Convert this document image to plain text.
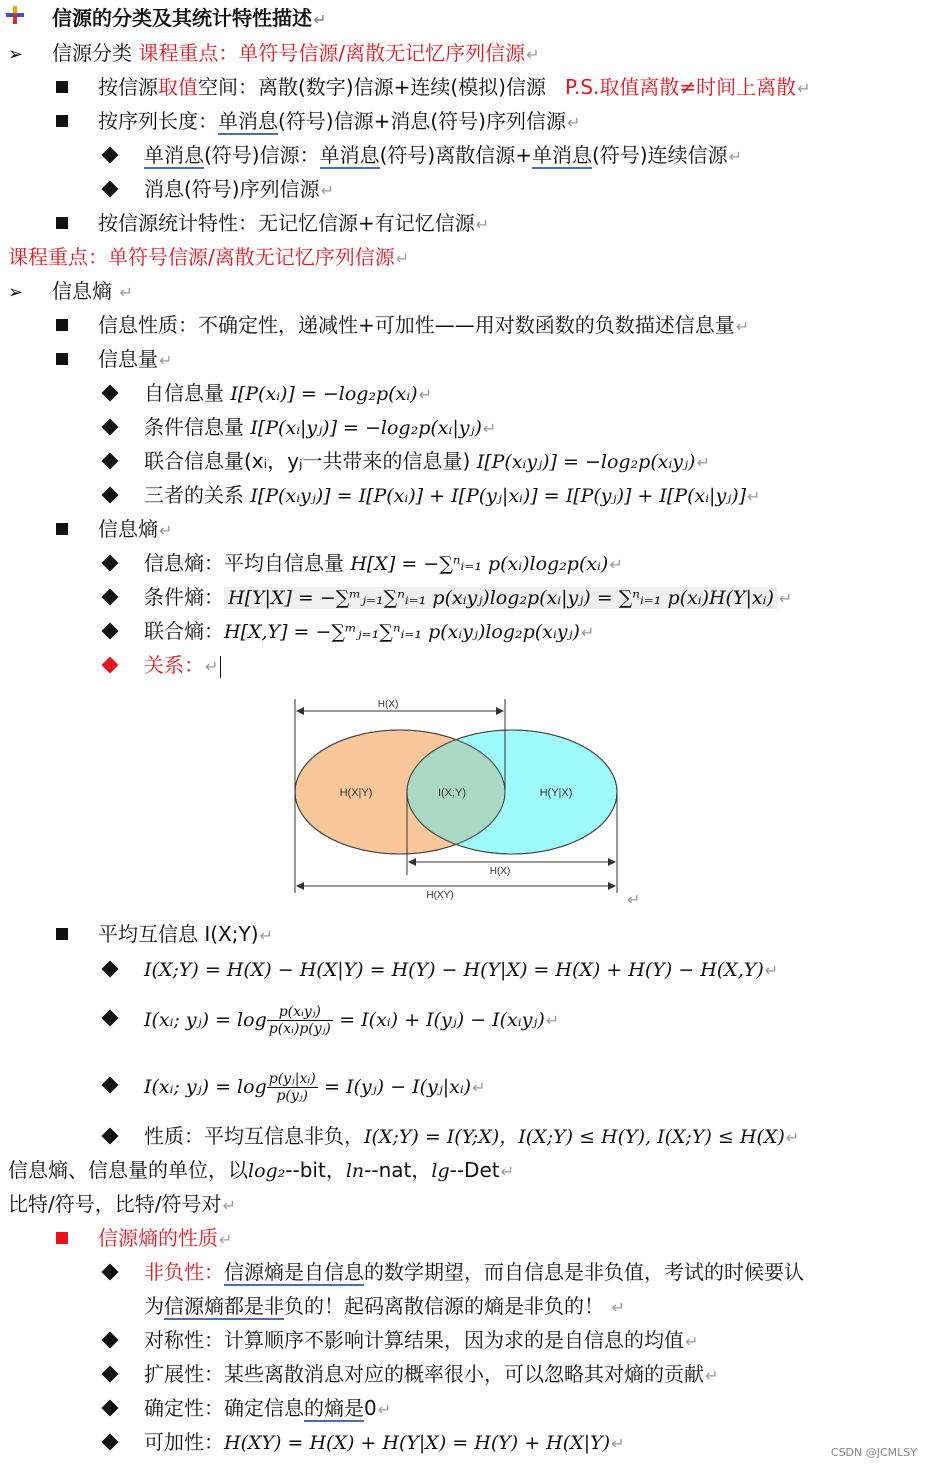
信源的分类及其统计特性描述↵
➢ 信源分类 课程重点：单符号信源/离散无记忆序列信源↵
按信源取值空间：离散(数字)信源+连续(模拟)信源 P.S.取值离散≠时间上离散↵
按序列长度：单消息(符号)信源+消息(符号)序列信源↵
单消息(符号)信源：单消息(符号)离散信源+单消息(符号)连续信源↵
消息(符号)序列信源↵
按信源统计特性：无记忆信源+有记忆信源↵
课程重点：单符号信源/离散无记忆序列信源↵
➢ 信息熵 ↵
信息性质：不确定性，递减性+可加性——用对数函数的负数描述信息量↵
信息量↵
自信息量 I[P(xᵢ)] = −log₂p(xᵢ)↵
条件信息量 I[P(xᵢ|yⱼ)] = −log₂p(xᵢ|yⱼ)↵
联合信息量(xᵢ，yⱼ一共带来的信息量) I[P(xᵢyⱼ)] = −log₂p(xᵢyⱼ)↵
三者的关系 I[P(xᵢyⱼ)] = I[P(xᵢ)] + I[P(yⱼ|xᵢ)] = I[P(yⱼ)] + I[P(xᵢ|yⱼ)]↵
信息熵↵
信息熵：平均自信息量 H[X] = −∑ⁿᵢ₌₁ p(xᵢ)log₂p(xᵢ)↵
条件熵： H[Y|X] = −∑ᵐⱼ₌₁∑ⁿᵢ₌₁ p(xᵢyⱼ)log₂p(xᵢ|yⱼ) = ∑ⁿᵢ₌₁ p(xᵢ)H(Y|xᵢ) ↵
联合熵：H[X,Y] = −∑ᵐⱼ₌₁∑ⁿᵢ₌₁ p(xᵢyⱼ)log₂p(xᵢyⱼ)↵
关系：↵
H(X)
H(X|Y)	I(X;Y)	H(Y|X)
H(X)
H(XY)	↵
平均互信息 I(X;Y)↵
I(X;Y) = H(X) − H(X|Y) = H(Y) − H(Y|X) = H(X) + H(Y) − H(X,Y)↵
I(xᵢ; yⱼ) = $\log \frac{\text{p(xᵢyⱼ)}}{\text{p(xᵢ)p(yⱼ)}}$ = I(xᵢ) + I(yⱼ) − I(xᵢyⱼ)↵
I(xᵢ; yⱼ) = $\log \frac{\text{p(yⱼ|xᵢ)}}{\text{p(yⱼ)}}$ = I(yⱼ) − I(yⱼ|xᵢ)↵
性质：平均互信息非负，I(X;Y) = I(Y;X)，I(X;Y) ≤ H(Y), I(X;Y) ≤ H(X)↵
信息熵、信息量的单位，以log₂--bit，ln--nat，lg--Det↵
比特/符号，比特/符号对↵
信源熵的性质↵
非负性：信源熵是自信息的数学期望，而自信息是非负值，考试的时候要认
为信源熵都是非负的！起码离散信源的熵是非负的！ ↵
对称性：计算顺序不影响计算结果，因为求的是自信息的均值↵
扩展性：某些离散消息对应的概率很小，可以忽略其对熵的贡献↵
确定性：确定信息的熵是0↵
可加性：H(XY) = H(X) + H(Y|X) = H(Y) + H(X|Y)↵	CSDN @JCMLSY
